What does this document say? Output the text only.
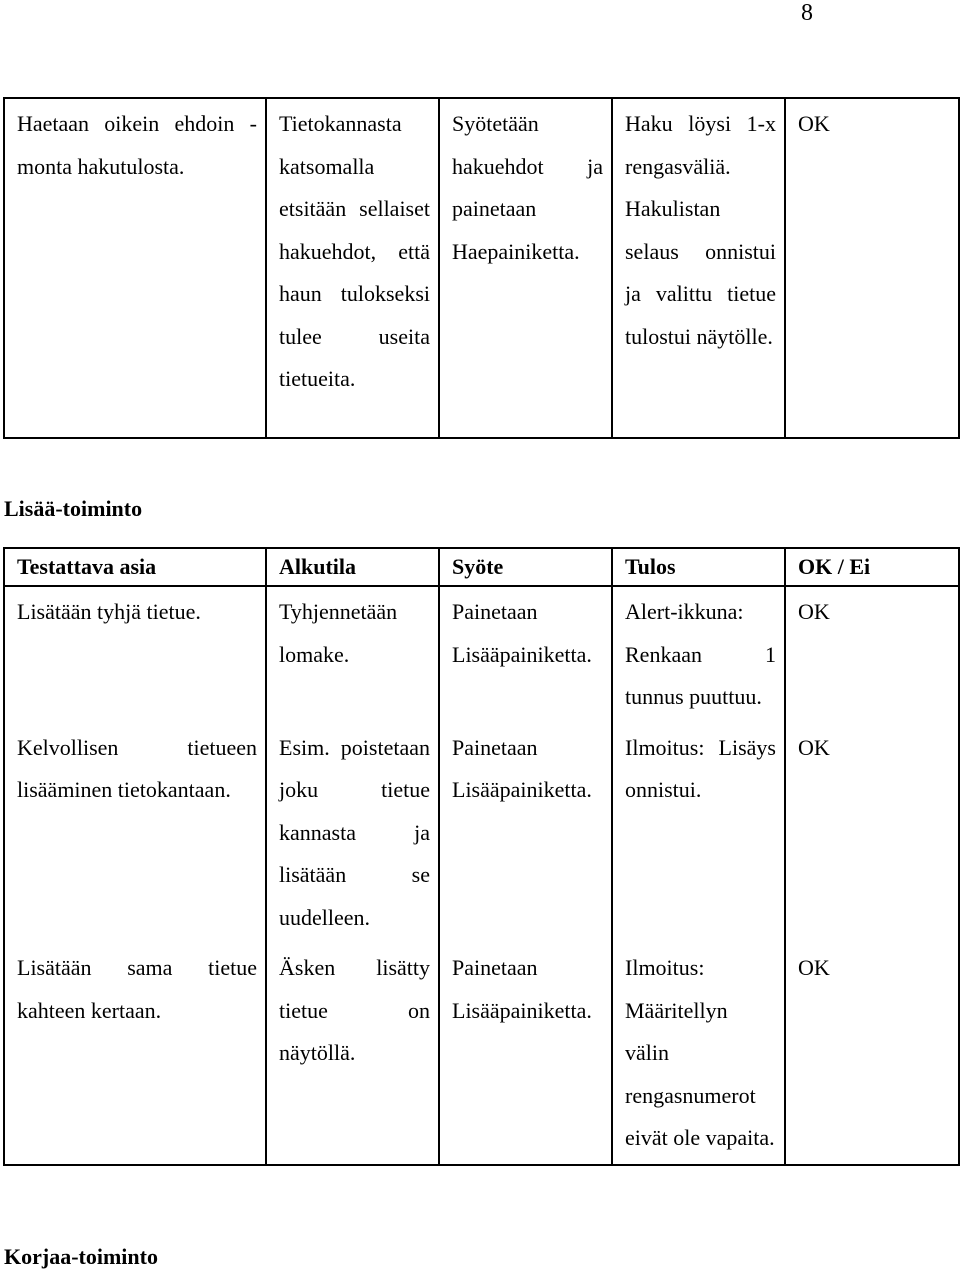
8
Haetaan oikein ehdoin - monta hakutulosta.	Tietokannasta katsomalla etsitään sellaiset hakuehdot, että haun tulokseksi tulee useita tietueita.	Syötetään hakuehdot ja painetaan Haepainiketta.	Haku löysi 1-x rengasväliä. Hakulistan selaus onnistui ja valittu tietue tulostui näytölle.	OK
Lisää-toiminto
Testattava asia	Alkutila	Syöte	Tulos	OK / Ei
Lisätään tyhjä tietue.	Tyhjennetään lomake.	Painetaan Lisääpainiketta.	Alert-ikkuna: Renkaan 1 tunnus puuttuu.	OK
Kelvollisen tietueen lisääminen tietokantaan.	Esim. poistetaan joku tietue kannasta ja lisätään se uudelleen.	Painetaan Lisääpainiketta.	Ilmoitus: Lisäys onnistui.	OK
Lisätään sama tietue kahteen kertaan.	Äsken lisätty tietue on näytöllä.	Painetaan Lisääpainiketta.	Ilmoitus: Määritellyn välin rengasnumerot eivät ole vapaita.	OK
Korjaa-toiminto
